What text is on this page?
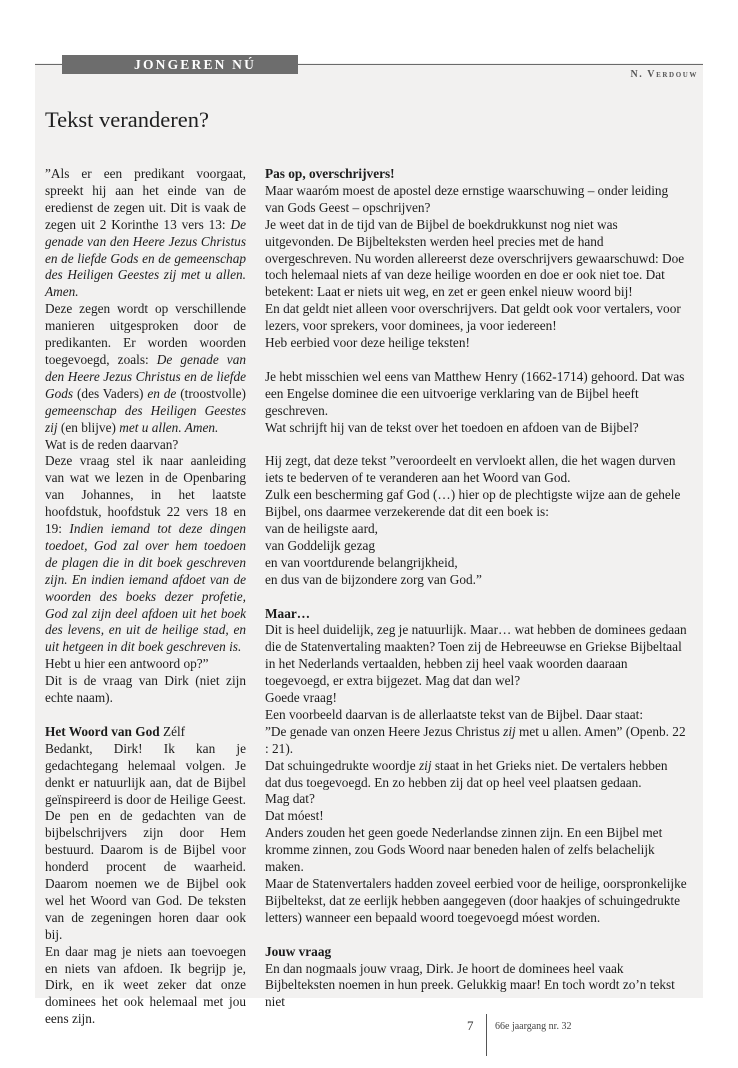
JONGEREN NÚ
N. Verdouw
Tekst veranderen?

”Als er een predikant voorgaat, spreekt hij aan het einde van de eredienst de zegen uit. Dit is vaak de zegen uit 2 Korinthe 13 vers 13: De genade van den Heere Jezus Christus en de liefde Gods en de gemeenschap des Heiligen Geestes zij met u allen. Amen.

Deze zegen wordt op verschillende manieren uitgesproken door de predikanten. Er worden woorden toegevoegd, zoals: De genade van den Heere Jezus Christus en de liefde Gods (des Vaders) en de (troostvolle) gemeenschap des Heiligen Geestes zij (en blijve) met u allen. Amen.

Wat is de reden daarvan?

Deze vraag stel ik naar aanleiding van wat we lezen in de Openbaring van Johannes, in het laatste hoofdstuk, hoofdstuk 22 vers 18 en 19: Indien iemand tot deze dingen toedoet, God zal over hem toedoen de plagen die in dit boek geschreven zijn. En indien iemand afdoet van de woorden des boeks dezer profetie, God zal zijn deel afdoen uit het boek des levens, en uit de heilige stad, en uit hetgeen in dit boek geschreven is.

Hebt u hier een antwoord op?”

Dit is de vraag van Dirk (niet zijn echte naam).

Het Woord van God Zélf

Bedankt, Dirk! Ik kan je gedachtegang helemaal volgen. Je denkt er natuurlijk aan, dat de Bijbel geïnspireerd is door de Heilige Geest. De pen en de gedachten van de bijbelschrijvers zijn door Hem bestuurd. Daarom is de Bijbel voor honderd procent de waarheid. Daarom noemen we de Bijbel ook wel het Woord van God. De teksten van de zegeningen horen daar ook bij.

En daar mag je niets aan toevoegen en niets van afdoen. Ik begrijp je, Dirk, en ik weet zeker dat onze dominees het ook helemaal met jou eens zijn.

Pas op, overschrijvers!

Maar waaróm moest de apostel deze ernstige waarschuwing – onder leiding van Gods Geest – opschrijven?

Je weet dat in de tijd van de Bijbel de boekdrukkunst nog niet was uitgevonden. De Bijbelteksten werden heel precies met de hand overgeschreven. Nu worden allereerst deze overschrijvers gewaarschuwd: Doe toch helemaal niets af van deze heilige woorden en doe er ook niet toe. Dat betekent: Laat er niets uit weg, en zet er geen enkel nieuw woord bij!

En dat geldt niet alleen voor overschrijvers. Dat geldt ook voor vertalers, voor lezers, voor sprekers, voor dominees, ja voor iedereen!

Heb eerbied voor deze heilige teksten!

Je hebt misschien wel eens van Matthew Henry (1662-1714) gehoord. Dat was een Engelse dominee die een uitvoerige verklaring van de Bijbel heeft geschreven.

Wat schrijft hij van de tekst over het toedoen en afdoen van de Bijbel?

Hij zegt, dat deze tekst ”veroordeelt en vervloekt allen, die het wagen durven iets te bederven of te veranderen aan het Woord van God.

Zulk een bescherming gaf God (…) hier op de plechtigste wijze aan de gehele Bijbel, ons daarmee verzekerende dat dit een boek is:

van de heiligste aard,

van Goddelijk gezag

en van voortdurende belangrijkheid,

en dus van de bijzondere zorg van God.”

Maar…

Dit is heel duidelijk, zeg je natuurlijk. Maar… wat hebben de dominees gedaan die de Statenvertaling maakten? Toen zij de Hebreeuwse en Griekse Bijbeltaal in het Nederlands vertaalden, hebben zij heel vaak woorden daaraan toegevoegd, er extra bijgezet. Mag dat dan wel?

Goede vraag!

Een voorbeeld daarvan is de allerlaatste tekst van de Bijbel. Daar staat:

”De genade van onzen Heere Jezus Christus zij met u allen. Amen” (Openb. 22 : 21).

Dat schuingedrukte woordje zij staat in het Grieks niet. De vertalers hebben dat dus toegevoegd. En zo hebben zij dat op heel veel plaatsen gedaan.

Mag dat?

Dat móest!

Anders zouden het geen goede Nederlandse zinnen zijn. En een Bijbel met kromme zinnen, zou Gods Woord naar beneden halen of zelfs belachelijk maken.

Maar de Statenvertalers hadden zoveel eerbied voor de heilige, oorspronkelijke Bijbeltekst, dat ze eerlijk hebben aangegeven (door haakjes of schuingedrukte letters) wanneer een bepaald woord toegevoegd móest worden.

Jouw vraag

En dan nogmaals jouw vraag, Dirk. Je hoort de dominees heel vaak Bijbelteksten noemen in hun preek. Gelukkig maar! En toch wordt zo’n tekst niet

7 66e jaargang nr. 32
